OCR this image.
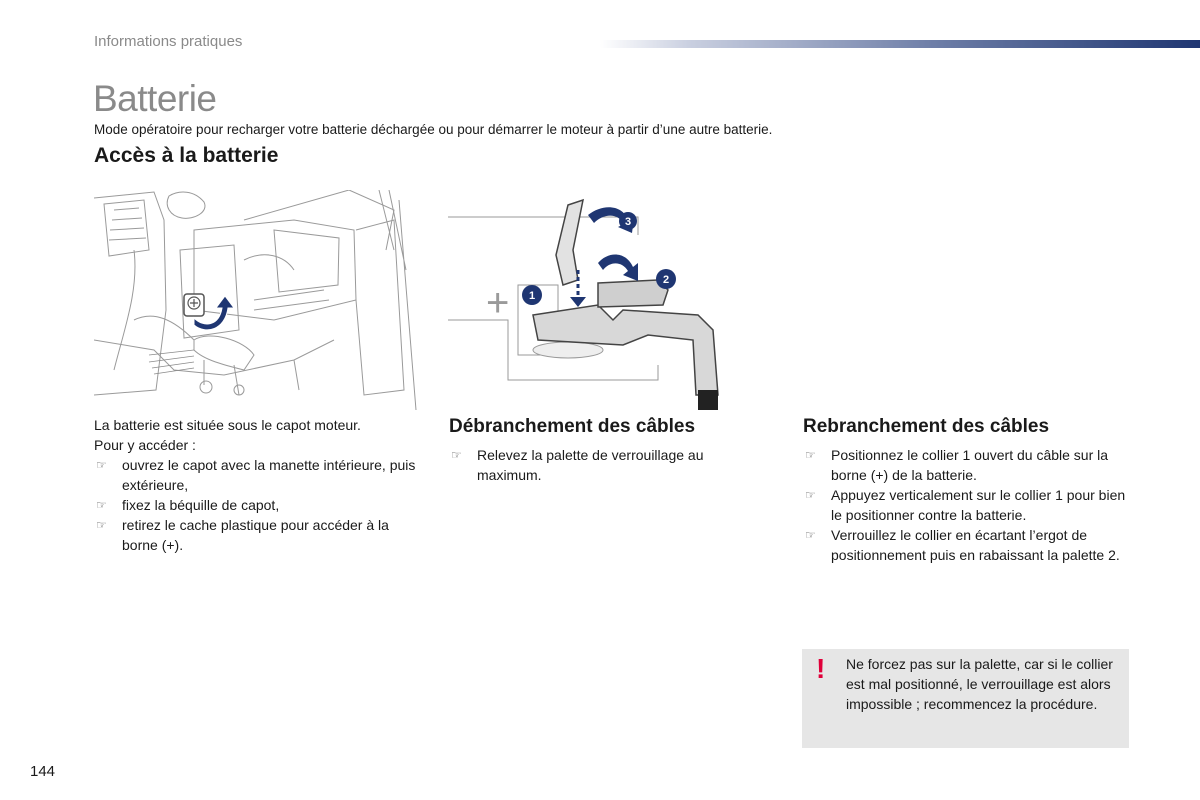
Informations pratiques
Batterie
Mode opératoire pour recharger votre batterie déchargée ou pour démarrer le moteur à partir d’une autre batterie.
Accès à la batterie
+ 1
3
2
La batterie est située sous le capot moteur.
Pour y accéder :
☞ ouvrez le capot avec la manette intérieure, puis extérieure,
☞ fixez la béquille de capot,
☞ retirez le cache plastique pour accéder à la borne (+).
Débranchement des câbles
☞ Relevez la palette de verrouillage au maximum.
Rebranchement des câbles
☞ Positionnez le collier 1 ouvert du câble sur la borne (+) de la batterie.
☞ Appuyez verticalement sur le collier 1 pour bien le positionner contre la batterie.
☞ Verrouillez le collier en écartant l’ergot de positionnement puis en rabaissant la palette 2.
! Ne forcez pas sur la palette, car si le collier est mal positionné, le verrouillage est alors impossible ; recommencez la procédure.
144
